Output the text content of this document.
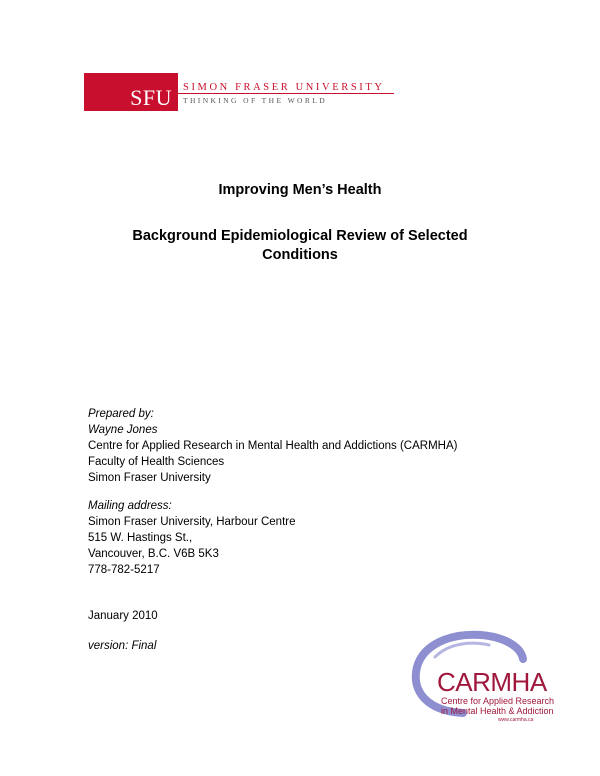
SFU SIMON FRASER UNIVERSITY
THINKING OF THE WORLD
Improving Men’s Health
Background Epidemiological Review of Selected
Conditions
Prepared by:
Wayne Jones
Centre for Applied Research in Mental Health and Addictions (CARMHA)
Faculty of Health Sciences
Simon Fraser University
Mailing address:
Simon Fraser University, Harbour Centre
515 W. Hastings St.,
Vancouver, B.C. V6B 5K3
778-782-5217
January 2010
version: Final
CARMHA
Centre for Applied Research
in Mental Health & Addiction
www.carmha.ca
